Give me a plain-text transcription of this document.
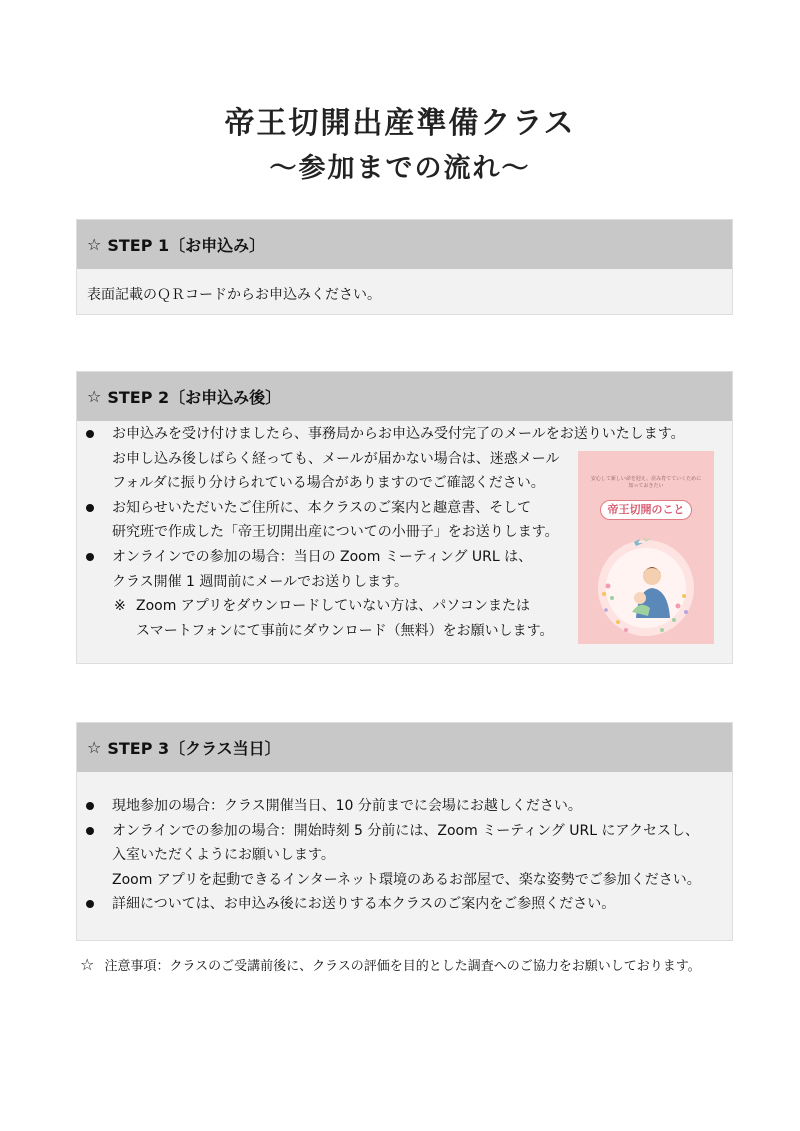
帝王切開出産準備クラス
～参加までの流れ～
☆ STEP 1〔お申込み〕
表面記載のＱＲコードからお申込みください。
☆ STEP 2〔お申込み後〕
お申込みを受け付けましたら、事務局からお申込み受付完了のメールをお送りいたします。
お申し込み後しばらく経っても、メールが届かない場合は、迷惑メール
フォルダに振り分けられている場合がありますのでご確認ください。
お知らせいただいたご住所に、本クラスのご案内と趣意書、そして
研究班で作成した「帝王切開出産についての小冊子」をお送りします。
オンラインでの参加の場合：当日の Zoom ミーティング URL は、
クラス開催 1 週間前にメールでお送りします。
※ Zoom アプリをダウンロードしていない方は、パソコンまたは
スマートフォンにて事前にダウンロード（無料）をお願いします。
安心して新しい命を迎え、産み育てていくために
知っておきたい
帝王切開のこと
☆ STEP 3〔クラス当日〕
現地参加の場合：クラス開催当日、10 分前までに会場にお越しください。
オンラインでの参加の場合：開始時刻 5 分前には、Zoom ミーティング URL にアクセスし、
入室いただくようにお願いします。
Zoom アプリを起動できるインターネット環境のあるお部屋で、楽な姿勢でご参加ください。
詳細については、お申込み後にお送りする本クラスのご案内をご参照ください。
☆ 注意事項：クラスのご受講前後に、クラスの評価を目的とした調査へのご協力をお願いしております。
